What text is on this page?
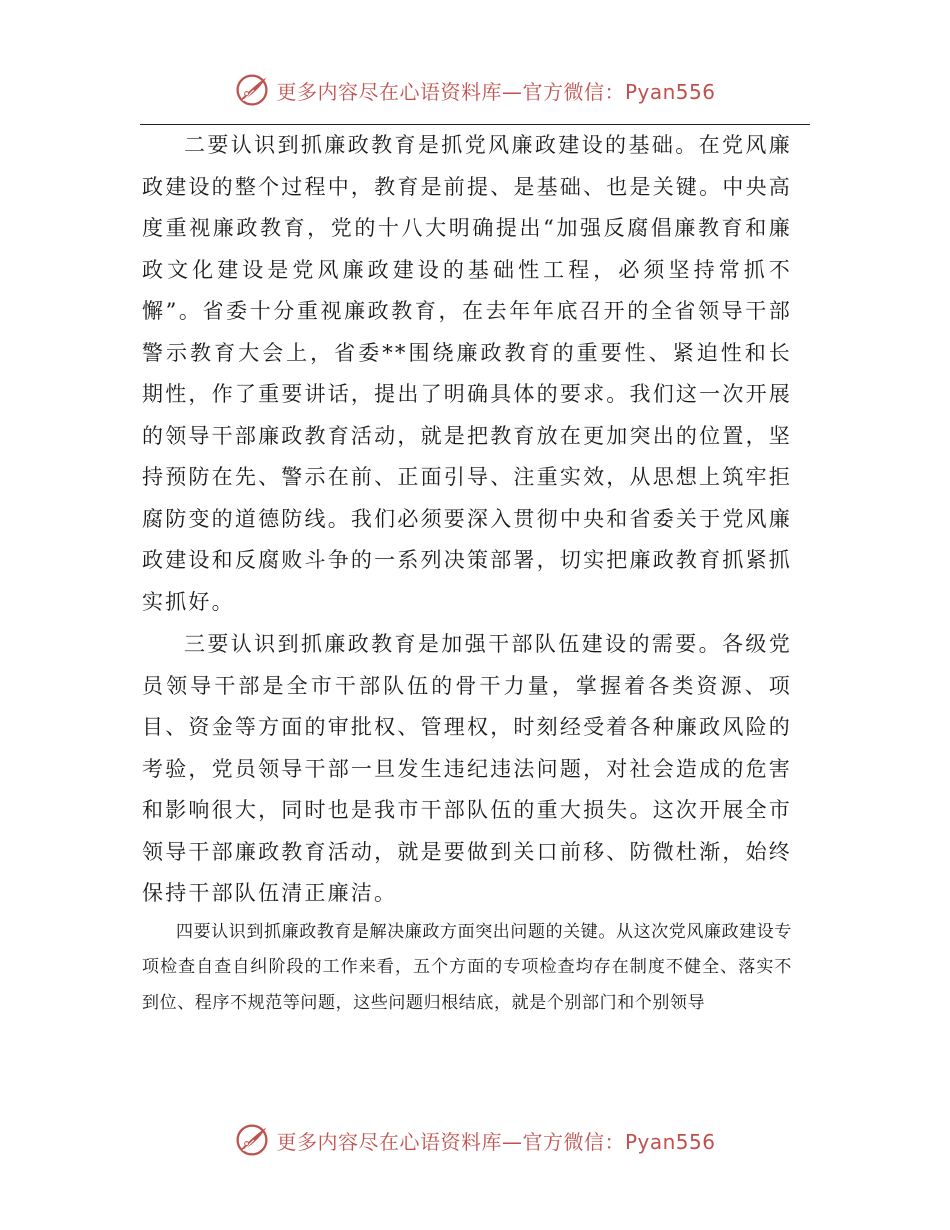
更多内容尽在心语资料库—官方微信：Pyan556

二要认识到抓廉政教育是抓党风廉政建设的基础。在党风廉政建设的整个过程中，教育是前提、是基础、也是关键。中央高度重视廉政教育，党的十八大明确提出“加强反腐倡廉教育和廉政文化建设是党风廉政建设的基础性工程，必须坚持常抓不懈”。省委十分重视廉政教育，在去年年底召开的全省领导干部警示教育大会上，省委**围绕廉政教育的重要性、紧迫性和长期性，作了重要讲话，提出了明确具体的要求。我们这一次开展的领导干部廉政教育活动，就是把教育放在更加突出的位置，坚持预防在先、警示在前、正面引导、注重实效，从思想上筑牢拒腐防变的道德防线。我们必须要深入贯彻中央和省委关于党风廉政建设和反腐败斗争的一系列决策部署，切实把廉政教育抓紧抓实抓好。

三要认识到抓廉政教育是加强干部队伍建设的需要。各级党员领导干部是全市干部队伍的骨干力量，掌握着各类资源、项目、资金等方面的审批权、管理权，时刻经受着各种廉政风险的考验，党员领导干部一旦发生违纪违法问题，对社会造成的危害和影响很大，同时也是我市干部队伍的重大损失。这次开展全市领导干部廉政教育活动，就是要做到关口前移、防微杜渐，始终保持干部队伍清正廉洁。

四要认识到抓廉政教育是解决廉政方面突出问题的关键。从这次党风廉政建设专项检查自查自纠阶段的工作来看，五个方面的专项检查均存在制度不健全、落实不到位、程序不规范等问题，这些问题归根结底，就是个别部门和个别领导

更多内容尽在心语资料库—官方微信：Pyan556
